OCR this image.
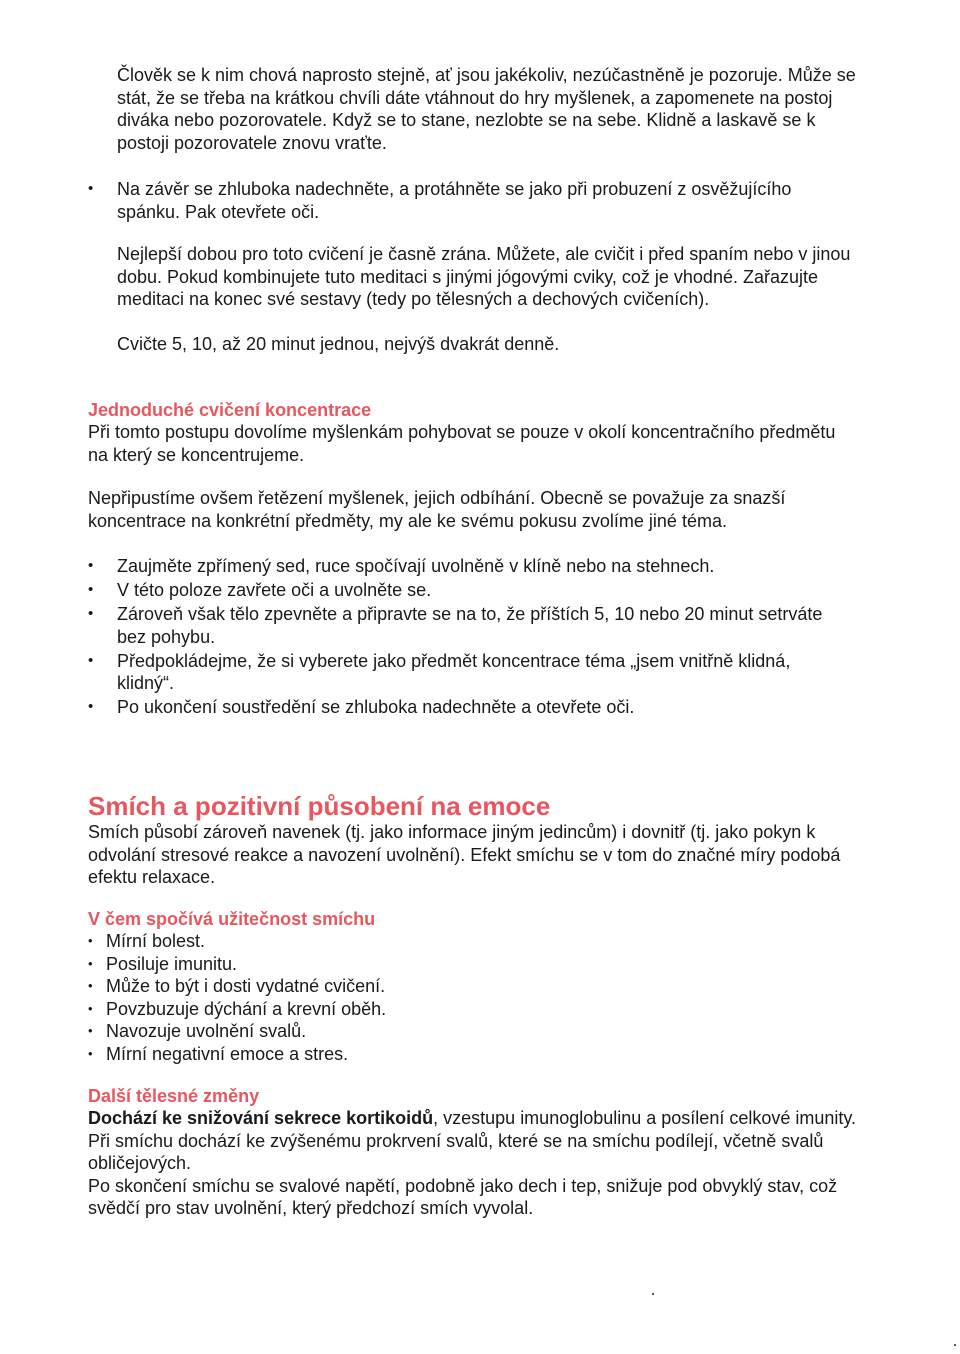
Člověk se k nim chová naprosto stejně, ať jsou jakékoliv, nezúčastněně je pozoruje. Může se stát, že se třeba na krátkou chvíli dáte vtáhnout do hry myšlenek, a zapomenete na postoj diváka nebo pozorovatele. Když se to stane, nezlobte se na sebe. Klidně a laskavě se k postoji pozorovatele znovu vraťte.

• Na závěr se zhluboka nadechněte, a protáhněte se jako při probuzení z osvěžujícího spánku. Pak otevřete oči.

Nejlepší dobou pro toto cvičení je časně zrána. Můžete, ale cvičit i před spaním nebo v jinou dobu. Pokud kombinujete tuto meditaci s jinými jógovými cviky, což je vhodné. Zařazujte meditaci na konec své sestavy (tedy po tělesných a dechových cvičeních).

Cvičte 5, 10, až 20 minut jednou, nejvýš dvakrát denně.

Jednoduché cvičení koncentrace

Při tomto postupu dovolíme myšlenkám pohybovat se pouze v okolí koncentračního předmětu na který se koncentrujeme.

Nepřipustíme ovšem řetězení myšlenek, jejich odbíhání. Obecně se považuje za snazší koncentrace na konkrétní předměty, my ale ke svému pokusu zvolíme jiné téma.

• Zaujměte zpřímený sed, ruce spočívají uvolněně v klíně nebo na stehnech.
• V této poloze zavřete oči a uvolněte se.
• Zároveň však tělo zpevněte a připravte se na to, že příštích 5, 10 nebo 20 minut setrváte bez pohybu.
• Předpokládejme, že si vyberete jako předmět koncentrace téma „jsem vnitřně klidná, klidný“.
• Po ukončení soustředění se zhluboka nadechněte a otevřete oči.
Smích a pozitivní působení na emoce

Smích působí zároveň navenek (tj. jako informace jiným jedincům) i dovnitř (tj. jako pokyn k odvolání stresové reakce a navození uvolnění). Efekt smíchu se v tom do značné míry podobá efektu relaxace.

V čem spočívá užitečnost smíchu
• Mírní bolest.
• Posiluje imunitu.
• Může to být i dosti vydatné cvičení.
• Povzbuzuje dýchání a krevní oběh.
• Navozuje uvolnění svalů.
• Mírní negativní emoce a stres.
Další tělesné změny

Dochází ke snižování sekrece kortikoidů, vzestupu imunoglobulinu a posílení celkové imunity.

Při smíchu dochází ke zvýšenému prokrvení svalů, které se na smíchu podílejí, včetně svalů obličejových.

Po skončení smíchu se svalové napětí, podobně jako dech i tep, snižuje pod obvyklý stav, což svědčí pro stav uvolnění, který předchozí smích vyvolal.
